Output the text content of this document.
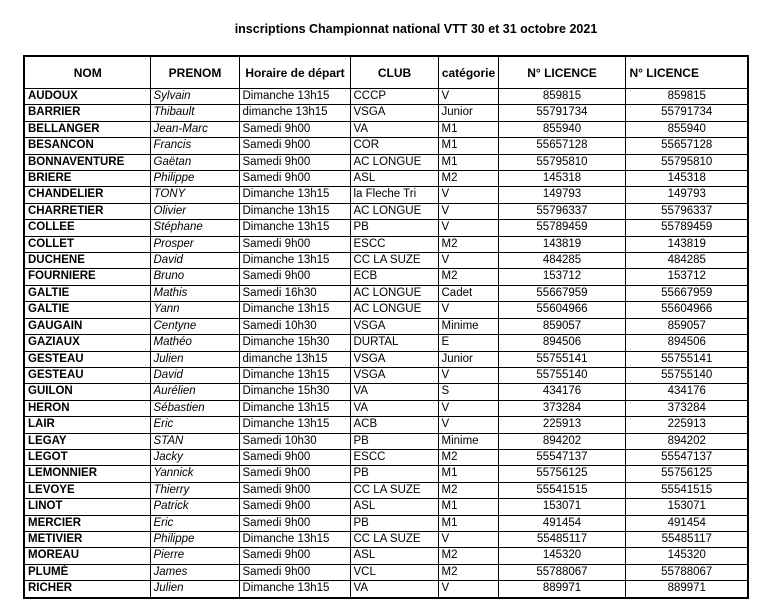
inscriptions Championnat national VTT 30 et 31 octobre 2021
NOM	PRENOM	Horaire de départ	CLUB	catégorie	N° LICENCE	N° LICENCE
AUDOUX	Sylvain	Dimanche 13h15	CCCP	V	859815	859815
BARRIER	Thibault	dimanche 13h15	VSGA	Junior	55791734	55791734
BELLANGER	Jean-Marc	Samedi 9h00	VA	M1	855940	855940
BESANCON	Francis	Samedi 9h00	COR	M1	55657128	55657128
BONNAVENTURE	Gaëtan	Samedi 9h00	AC LONGUE	M1	55795810	55795810
BRIERE	Philippe	Samedi 9h00	ASL	M2	145318	145318
CHANDELIER	TONY	Dimanche 13h15	la Fleche Tri	V	149793	149793
CHARRETIER	Olivier	Dimanche 13h15	AC LONGUE	V	55796337	55796337
COLLEE	Stéphane	Dimanche 13h15	PB	V	55789459	55789459
COLLET	Prosper	Samedi 9h00	ESCC	M2	143819	143819
DUCHENE	David	Dimanche 13h15	CC LA SUZE	V	484285	484285
FOURNIERE	Bruno	Samedi 9h00	ECB	M2	153712	153712
GALTIE	Mathis	Samedi 16h30	AC LONGUE	Cadet	55667959	55667959
GALTIE	Yann	Dimanche 13h15	AC LONGUE	V	55604966	55604966
GAUGAIN	Centyne	Samedi 10h30	VSGA	Minime	859057	859057
GAZIAUX	Mathéo	Dimanche 15h30	DURTAL	E	894506	894506
GESTEAU	Julien	dimanche 13h15	VSGA	Junior	55755141	55755141
GESTEAU	David	Dimanche 13h15	VSGA	V	55755140	55755140
GUILON	Aurélien	Dimanche 15h30	VA	S	434176	434176
HERON	Sébastien	Dimanche 13h15	VA	V	373284	373284
LAIR	Eric	Dimanche 13h15	ACB	V	225913	225913
LEGAY	STAN	Samedi 10h30	PB	Minime	894202	894202
LEGOT	Jacky	Samedi 9h00	ESCC	M2	55547137	55547137
LEMONNIER	Yannick	Samedi 9h00	PB	M1	55756125	55756125
LEVOYE	Thierry	Samedi 9h00	CC LA SUZE	M2	55541515	55541515
LINOT	Patrick	Samedi 9h00	ASL	M1	153071	153071
MERCIER	Eric	Samedi 9h00	PB	M1	491454	491454
METIVIER	Philippe	Dimanche 13h15	CC LA SUZE	V	55485117	55485117
MOREAU	Pierre	Samedi 9h00	ASL	M2	145320	145320
PLUMÉ	James	Samedi 9h00	VCL	M2	55788067	55788067
RICHER	Julien	Dimanche 13h15	VA	V	889971	889971
